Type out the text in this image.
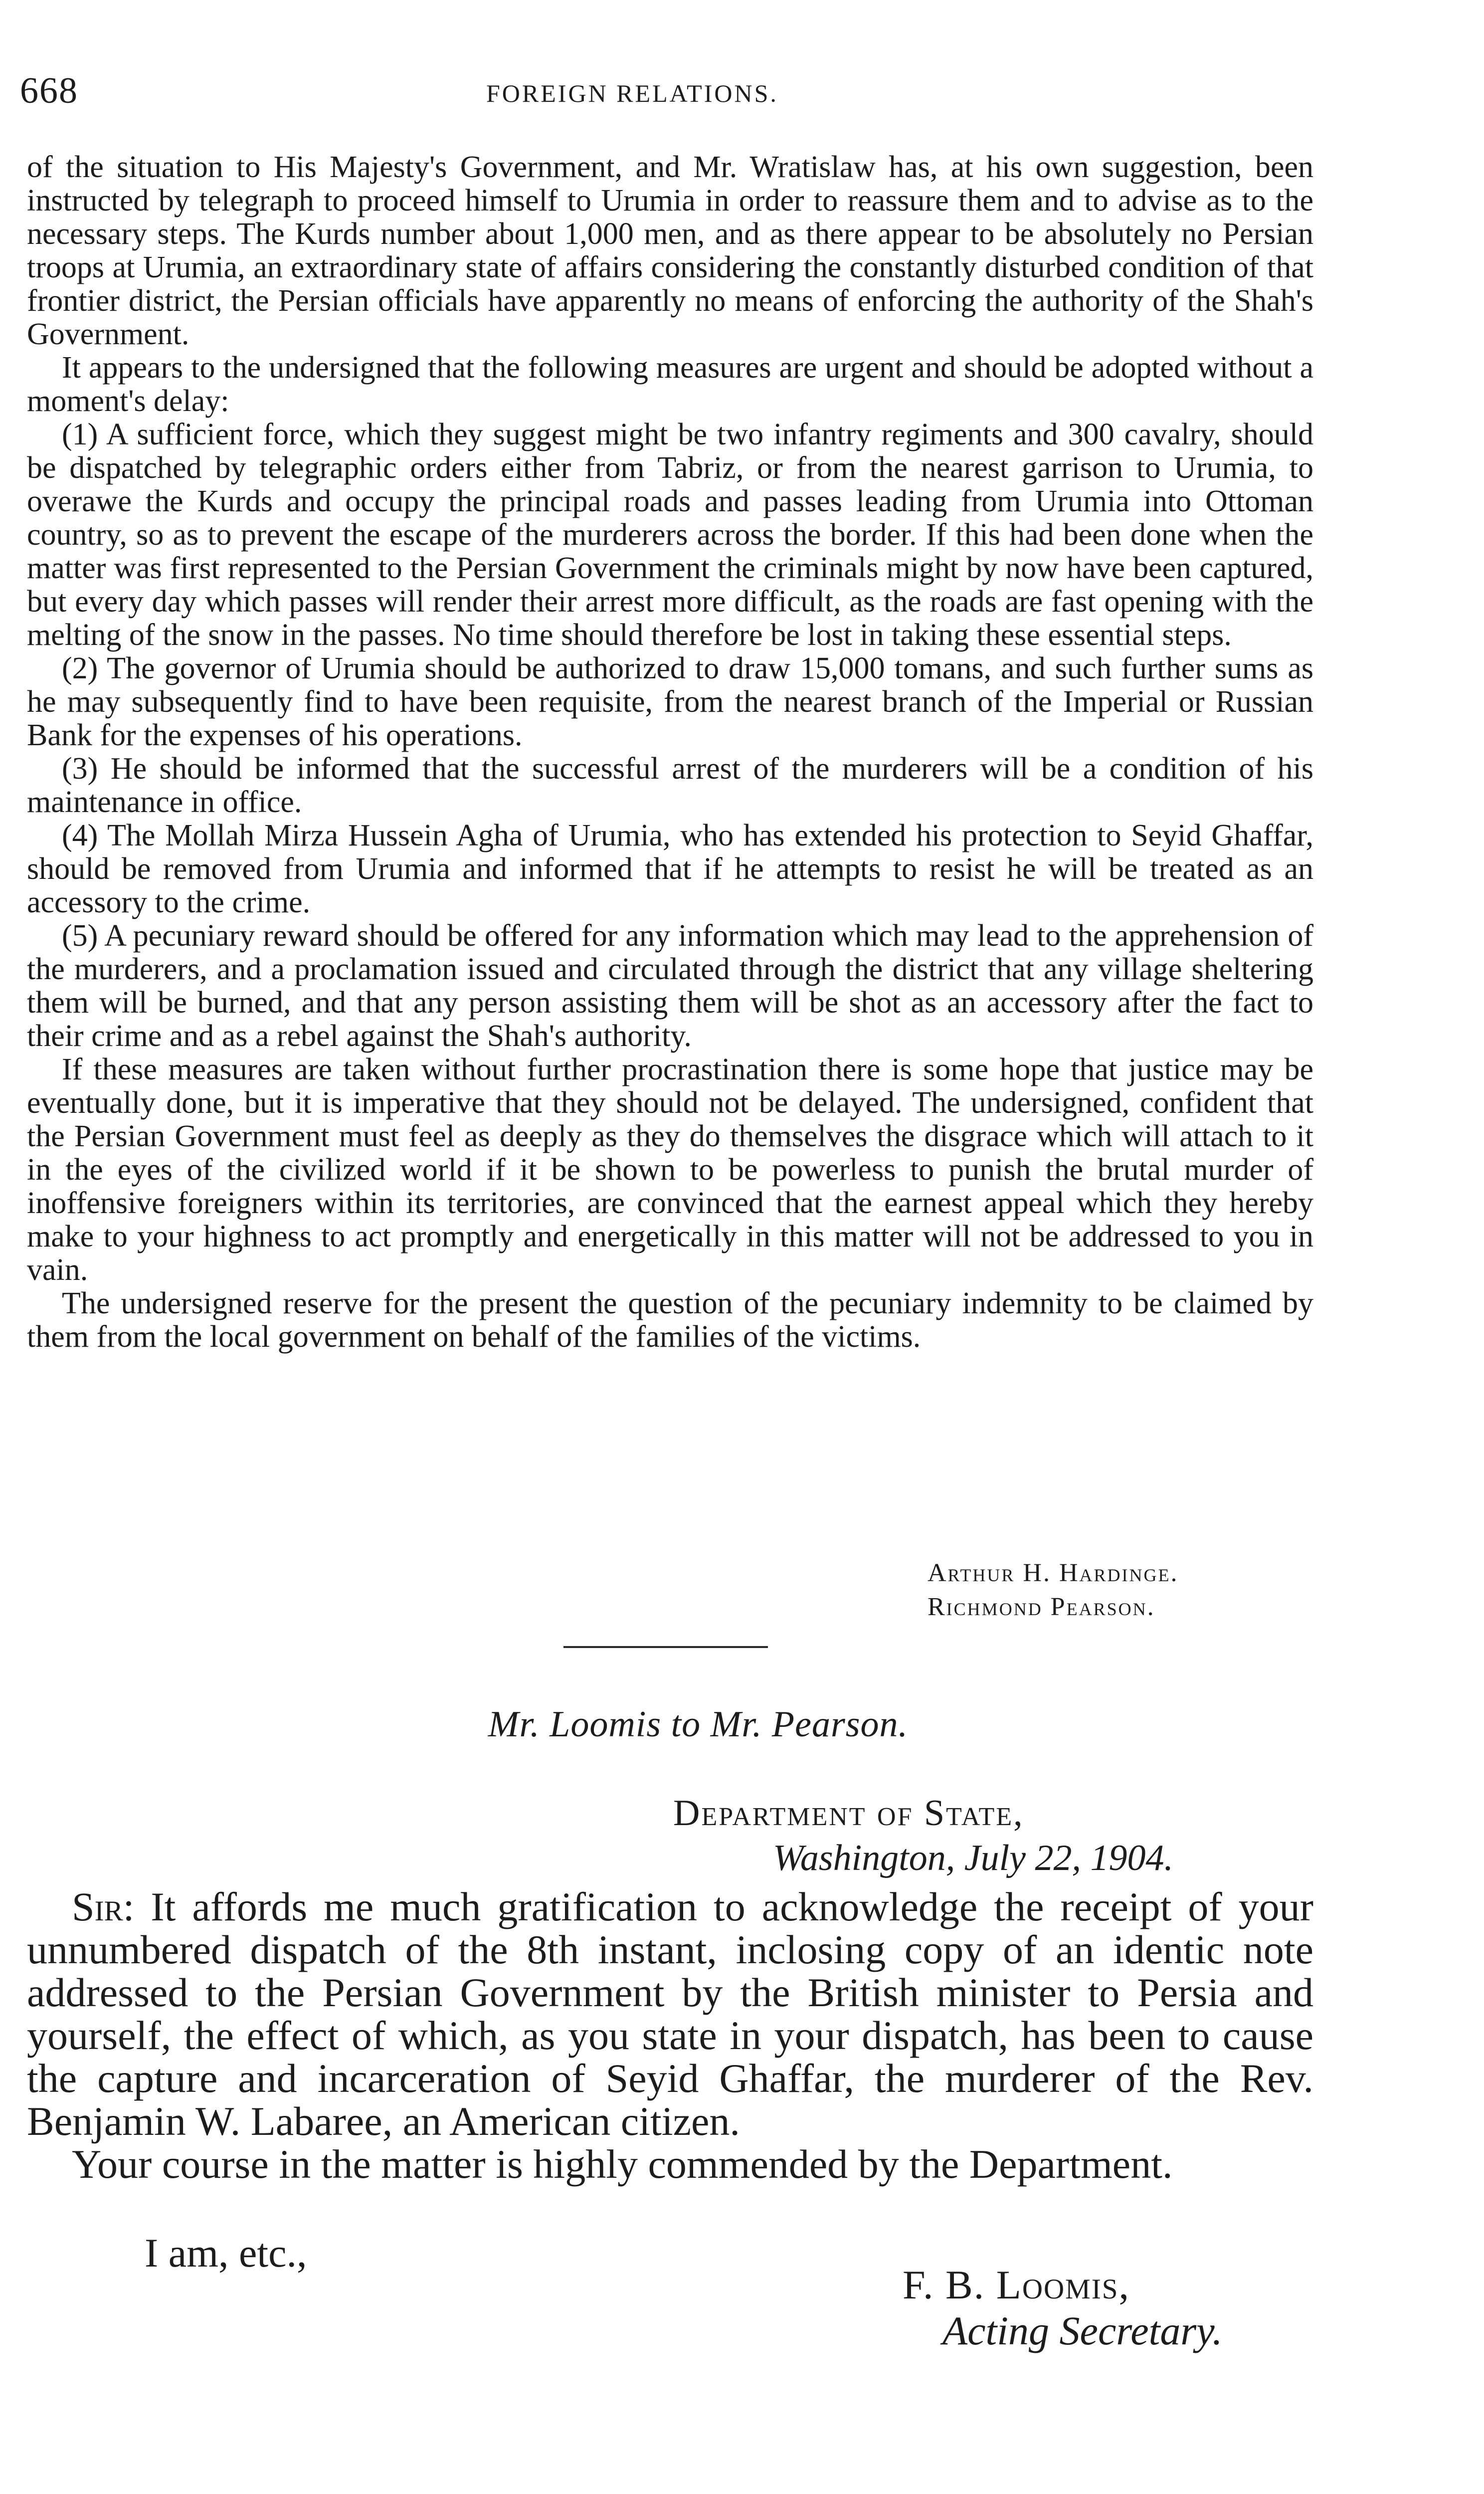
668	FOREIGN RELATIONS.

of the situation to His Majesty's Government, and Mr. Wratislaw has, at his own suggestion, been instructed by telegraph to proceed himself to Urumia in order to reassure them and to advise as to the necessary steps. The Kurds number about 1,000 men, and as there appear to be absolutely no Persian troops at Urumia, an extraordinary state of affairs considering the constantly disturbed condition of that frontier district, the Persian officials have apparently no means of enforcing the authority of the Shah's Government.

It appears to the undersigned that the following measures are urgent and should be adopted without a moment's delay:

(1) A sufficient force, which they suggest might be two infantry regiments and 300 cavalry, should be dispatched by telegraphic orders either from Tabriz, or from the nearest garrison to Urumia, to overawe the Kurds and occupy the principal roads and passes leading from Urumia into Ottoman country, so as to prevent the escape of the murderers across the border. If this had been done when the matter was first represented to the Persian Government the criminals might by now have been captured, but every day which passes will render their arrest more difficult, as the roads are fast opening with the melting of the snow in the passes. No time should therefore be lost in taking these essential steps.

(2) The governor of Urumia should be authorized to draw 15,000 tomans, and such further sums as he may subsequently find to have been requisite, from the nearest branch of the Imperial or Russian Bank for the expenses of his operations.

(3) He should be informed that the successful arrest of the murderers will be a condition of his maintenance in office.

(4) The Mollah Mirza Hussein Agha of Urumia, who has extended his protection to Seyid Ghaffar, should be removed from Urumia and informed that if he attempts to resist he will be treated as an accessory to the crime.

(5) A pecuniary reward should be offered for any information which may lead to the apprehension of the murderers, and a proclamation issued and circulated through the district that any village sheltering them will be burned, and that any person assisting them will be shot as an accessory after the fact to their crime and as a rebel against the Shah's authority.

If these measures are taken without further procrastination there is some hope that justice may be eventually done, but it is imperative that they should not be delayed. The undersigned, confident that the Persian Government must feel as deeply as they do themselves the disgrace which will attach to it in the eyes of the civilized world if it be shown to be powerless to punish the brutal murder of inoffensive foreigners within its territories, are convinced that the earnest appeal which they hereby make to your highness to act promptly and energetically in this matter will not be addressed to you in vain.

The undersigned reserve for the present the question of the pecuniary indemnity to be claimed by them from the local government on behalf of the families of the victims.

Arthur H. Hardinge.
Richmond Pearson.
Mr. Loomis to Mr. Pearson.
Department of State,
Washington, July 22, 1904.

Sir: It affords me much gratification to acknowledge the receipt of your unnumbered dispatch of the 8th instant, inclosing copy of an identic note addressed to the Persian Government by the British minister to Persia and yourself, the effect of which, as you state in your dispatch, has been to cause the capture and incarceration of Seyid Ghaffar, the murderer of the Rev. Benjamin W. Labaree, an American citizen.

Your course in the matter is highly commended by the Department.

I am, etc.,
F. B. Loomis,
Acting Secretary.
